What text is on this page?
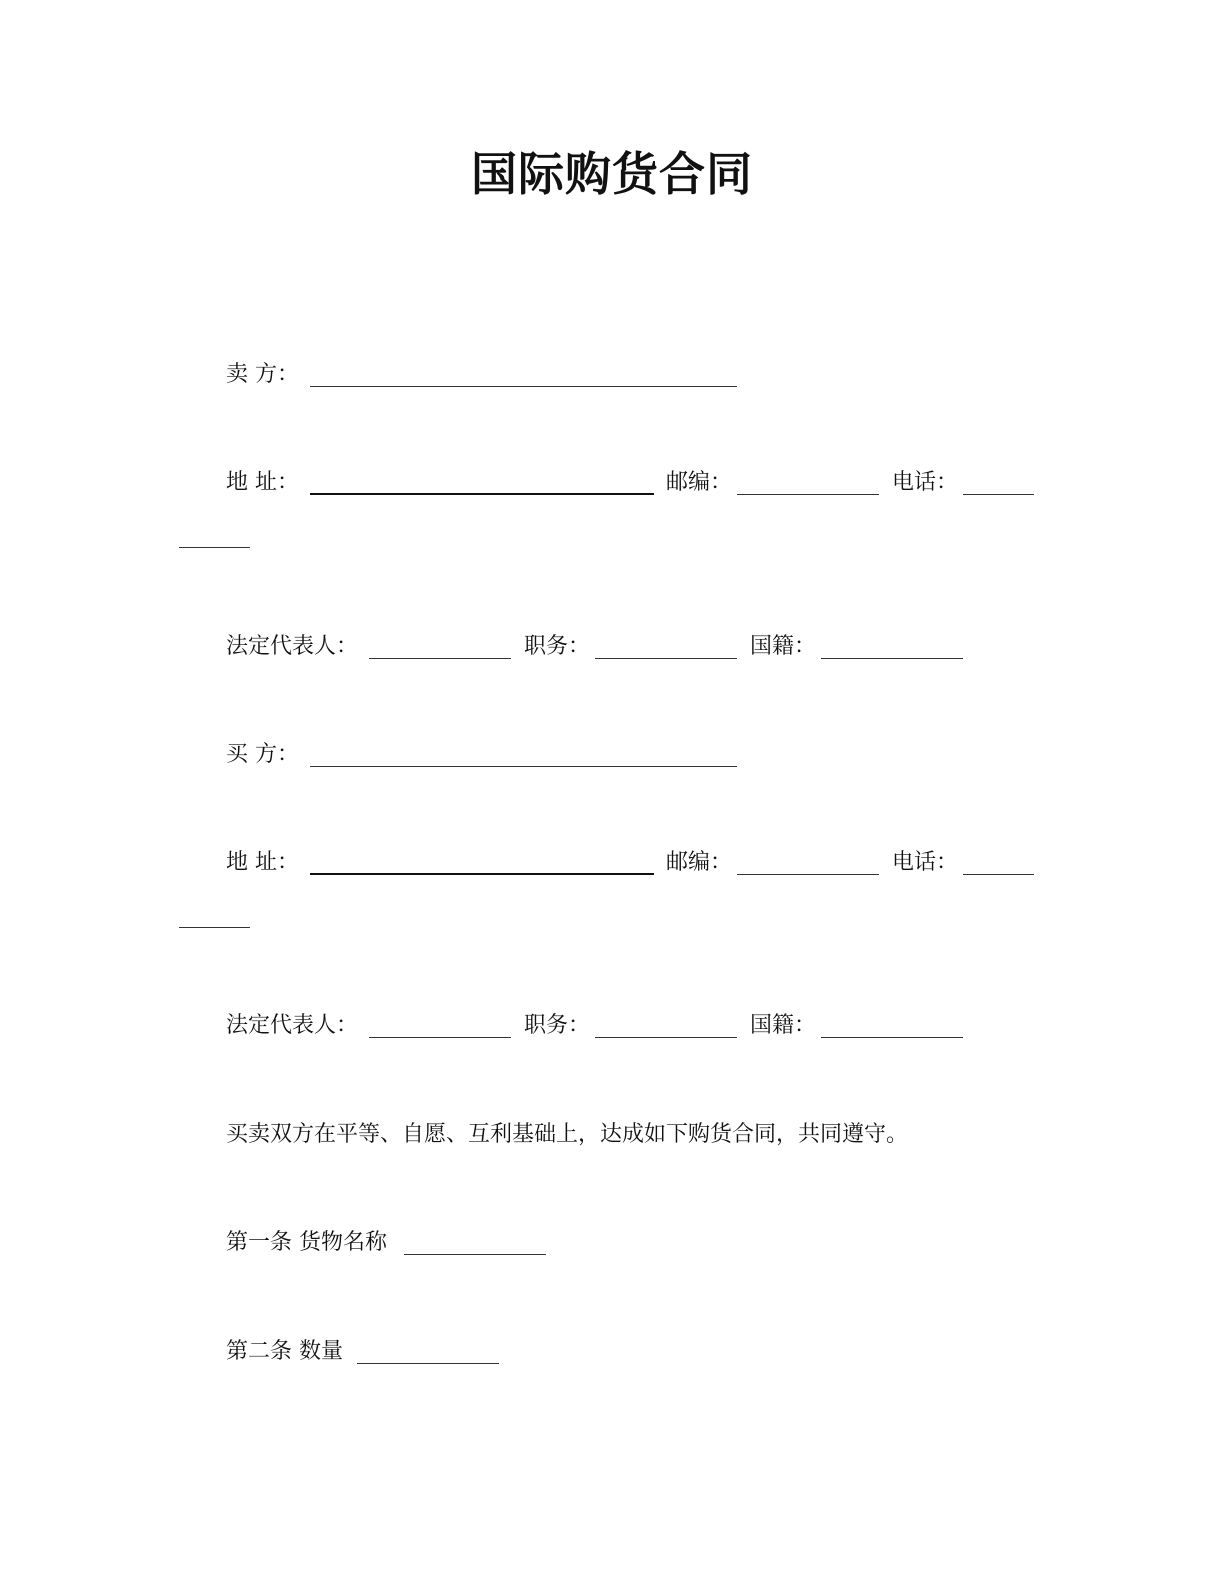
国际购货合同
卖 方：
地 址：	邮编：	电话：
法定代表人：	职务：	国籍：
买 方：
地 址：	邮编：	电话：
法定代表人：	职务：	国籍：
买卖双方在平等、自愿、互利基础上，达成如下购货合同，共同遵守。
第一条 货物名称
第二条 数量
